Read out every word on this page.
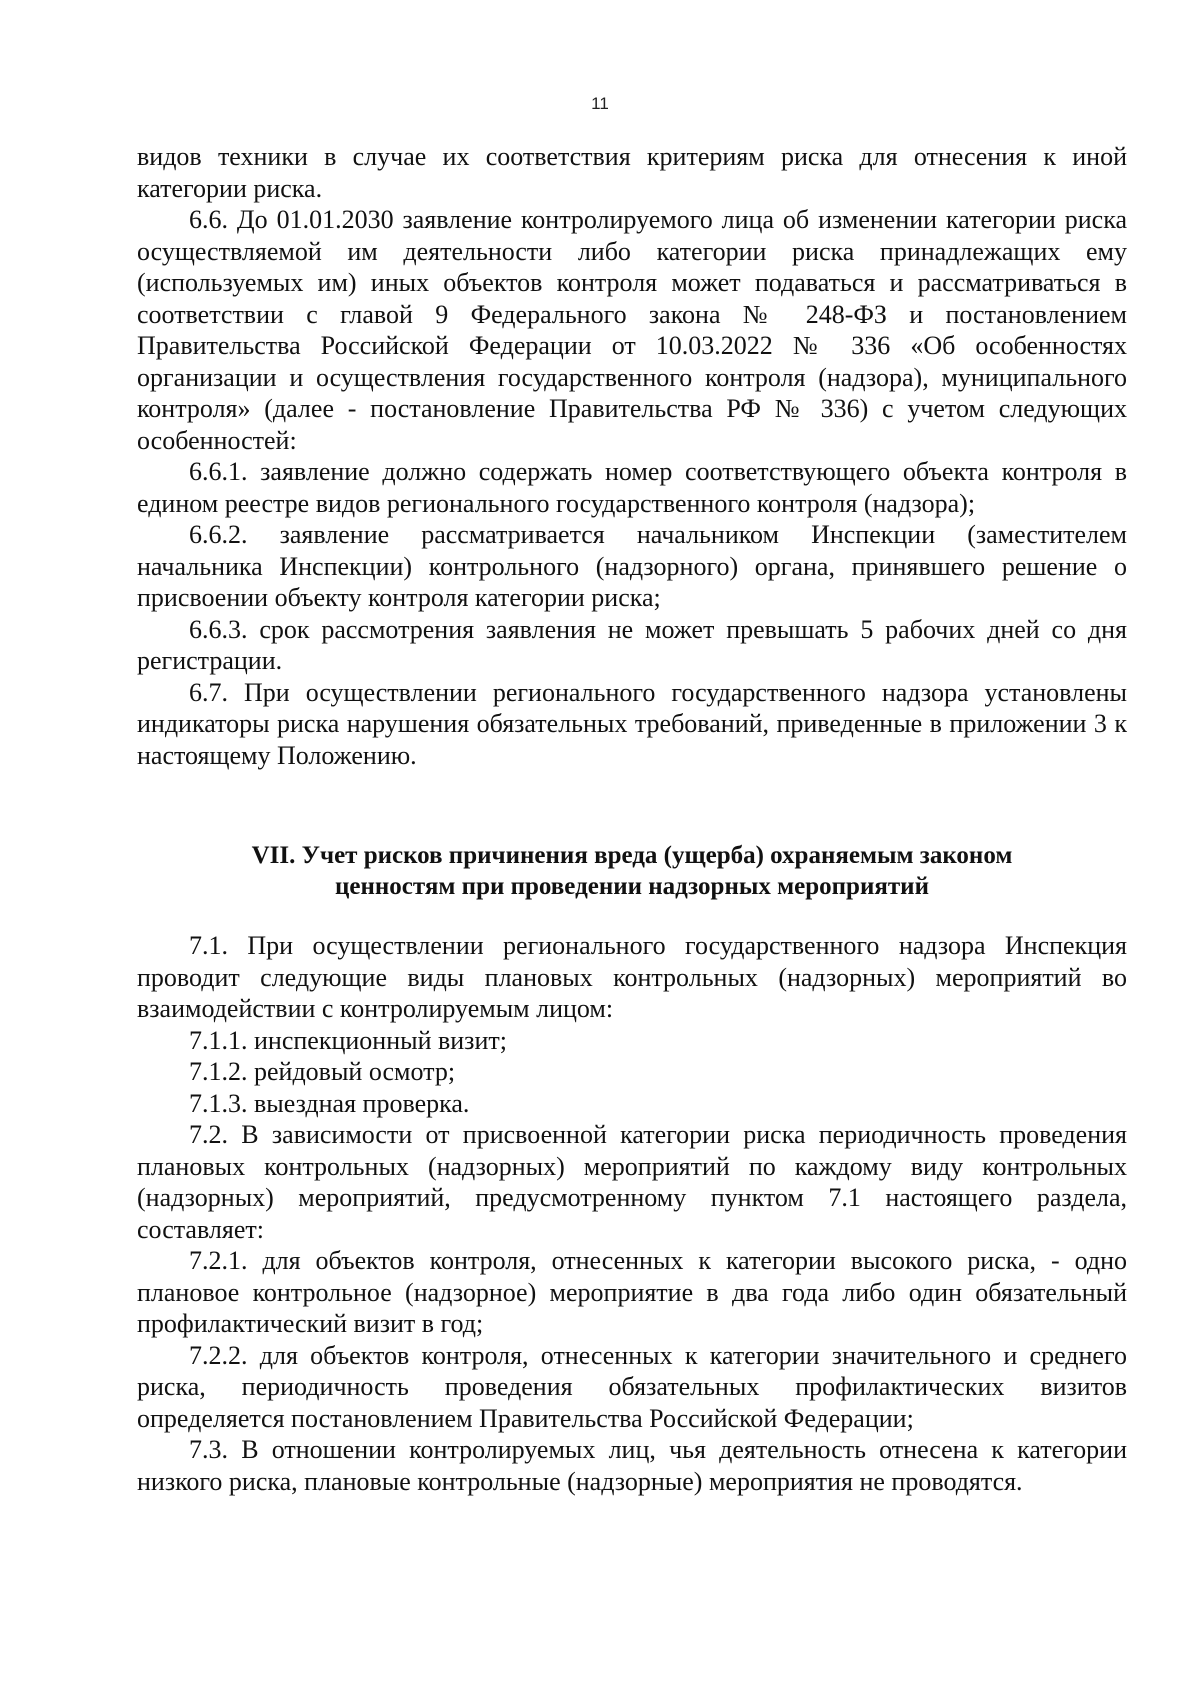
11

видов техники в случае их соответствия критериям риска для отнесения к иной категории риска.

6.6. До 01.01.2030 заявление контролируемого лица об изменении категории риска осуществляемой им деятельности либо категории риска принадлежащих ему (используемых им) иных объектов контроля может подаваться и рассматриваться в соответствии с главой 9 Федерального закона № 248-ФЗ и постановлением Правительства Российской Федерации от 10.03.2022 № 336 «Об особенностях организации и осуществления государственного контроля (надзора), муниципального контроля» (далее - постановление Правительства РФ № 336) с учетом следующих особенностей:

6.6.1. заявление должно содержать номер соответствующего объекта контроля в едином реестре видов регионального государственного контроля (надзора);

6.6.2. заявление рассматривается начальником Инспекции (заместителем начальника Инспекции) контрольного (надзорного) органа, принявшего решение о присвоении объекту контроля категории риска;

6.6.3. срок рассмотрения заявления не может превышать 5 рабочих дней со дня регистрации.

6.7. При осуществлении регионального государственного надзора установлены индикаторы риска нарушения обязательных требований, приведенные в приложении 3 к настоящему Положению.

VII. Учет рисков причинения вреда (ущерба) охраняемым законом
ценностям при проведении надзорных мероприятий

7.1. При осуществлении регионального государственного надзора Инспекция проводит следующие виды плановых контрольных (надзорных) мероприятий во взаимодействии с контролируемым лицом:

7.1.1. инспекционный визит;

7.1.2. рейдовый осмотр;

7.1.3. выездная проверка.

7.2. В зависимости от присвоенной категории риска периодичность проведения плановых контрольных (надзорных) мероприятий по каждому виду контрольных (надзорных) мероприятий, предусмотренному пунктом 7.1 настоящего раздела, составляет:

7.2.1. для объектов контроля, отнесенных к категории высокого риска, - одно плановое контрольное (надзорное) мероприятие в два года либо один обязательный профилактический визит в год;

7.2.2. для объектов контроля, отнесенных к категории значительного и среднего риска, периодичность проведения обязательных профилактических визитов определяется постановлением Правительства Российской Федерации;

7.3. В отношении контролируемых лиц, чья деятельность отнесена к категории низкого риска, плановые контрольные (надзорные) мероприятия не проводятся.
